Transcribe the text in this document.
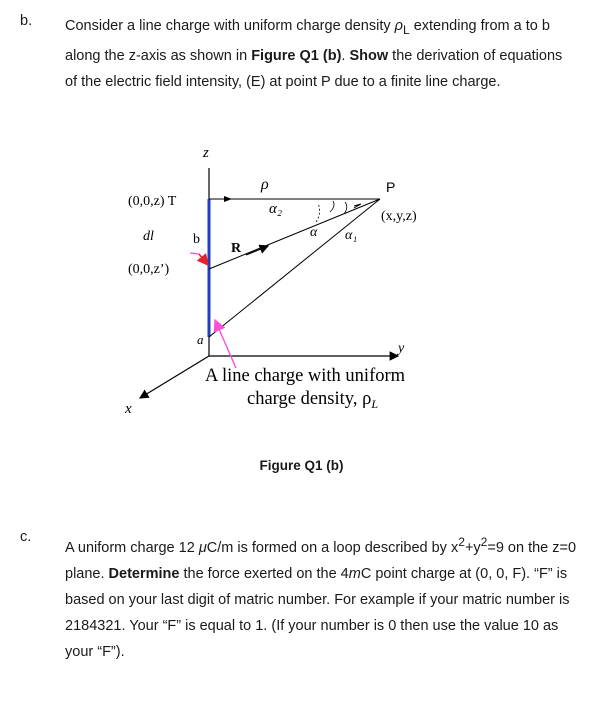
b. Consider a line charge with uniform charge density $\rho_L$ extending from a to b along the z-axis as shown in Figure Q1 (b). Show the derivation of equations of the electric field intensity, (E) at point P due to a finite line charge.

z
(0,0,z) T
dl	b
(0,0,z’)
a
R
ρ
α₂
α α₁
P
(x,y,z)
y
x
A line charge with uniform
charge density, $\rho_L$
Figure Q1 (b)
c.

A uniform charge 12 μC/m is formed on a loop described by $x^2+y^2=9$ on the z=0 plane. Determine the force exerted on the 4mC point charge at (0, 0, F). “F” is based on your last digit of matric number. For example if your matric number is 2184321. Your “F” is equal to 1. (If your number is 0 then use the value 10 as your “F”).
